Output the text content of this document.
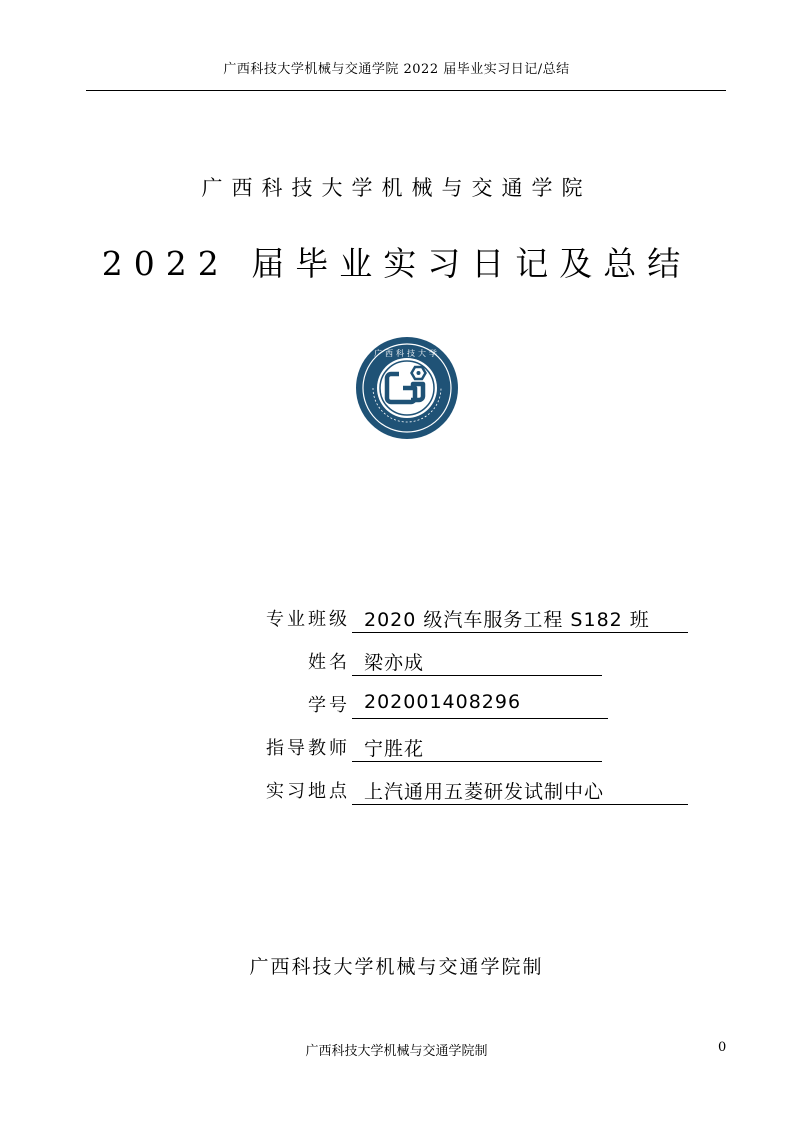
广西科技大学机械与交通学院 2022 届毕业实习日记/总结
广西科技大学机械与交通学院
2022 届毕业实习日记及总结
广西科技大学
专业班级 2020 级汽车服务工程 S182 班
姓名 梁亦成
学号 202001408296
指导教师 宁胜花
实习地点 上汽通用五菱研发试制中心
广西科技大学机械与交通学院制
广西科技大学机械与交通学院制	0
